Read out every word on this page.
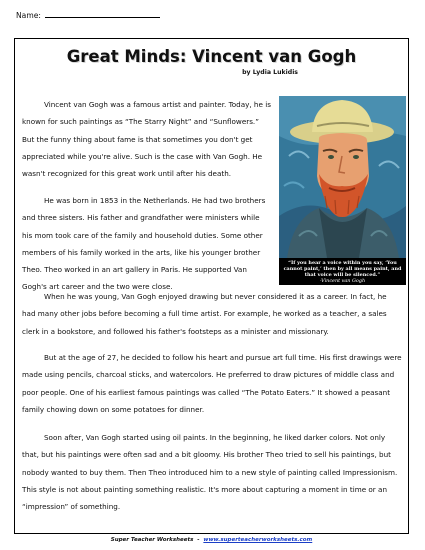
Name:
Great Minds: Vincent van Gogh
by Lydia Lukidis

Vincent van Gogh was a famous artist and painter. Today, he is known for such paintings as “The Starry Night” and “Sunflowers.” But the funny thing about fame is that sometimes you don't get appreciated while you're alive. Such is the case with Van Gogh. He wasn't recognized for this great work until after his death.

He was born in 1853 in the Netherlands. He had two brothers and three sisters. His father and grandfather were ministers while his mom took care of the family and household duties. Some other members of his family worked in the arts, like his younger brother Theo. Theo worked in an art gallery in Paris. He supported Van Gogh's art career and the two were close.

When he was young, Van Gogh enjoyed drawing but never considered it as a career. In fact, he had many other jobs before becoming a full time artist. For example, he worked as a teacher, a sales clerk in a bookstore, and followed his father's footsteps as a minister and missionary.

But at the age of 27, he decided to follow his heart and pursue art full time. His first drawings were made using pencils, charcoal sticks, and watercolors. He preferred to draw pictures of middle class and poor people. One of his earliest famous paintings was called “The Potato Eaters.” It showed a peasant family chowing down on some potatoes for dinner.

Soon after, Van Gogh started using oil paints. In the beginning, he liked darker colors. Not only that, but his paintings were often sad and a bit gloomy. His brother Theo tried to sell his paintings, but nobody wanted to buy them. Then Theo introduced him to a new style of painting called Impressionism. This style is not about painting something realistic. It's more about capturing a moment in time or an “impression” of something.

“If you hear a voice within you say, ‘You cannot paint,’ then by all means paint, and that voice will be silenced.”
-Vincent van Gogh
Super Teacher Worksheets - www.superteacherworksheets.com
